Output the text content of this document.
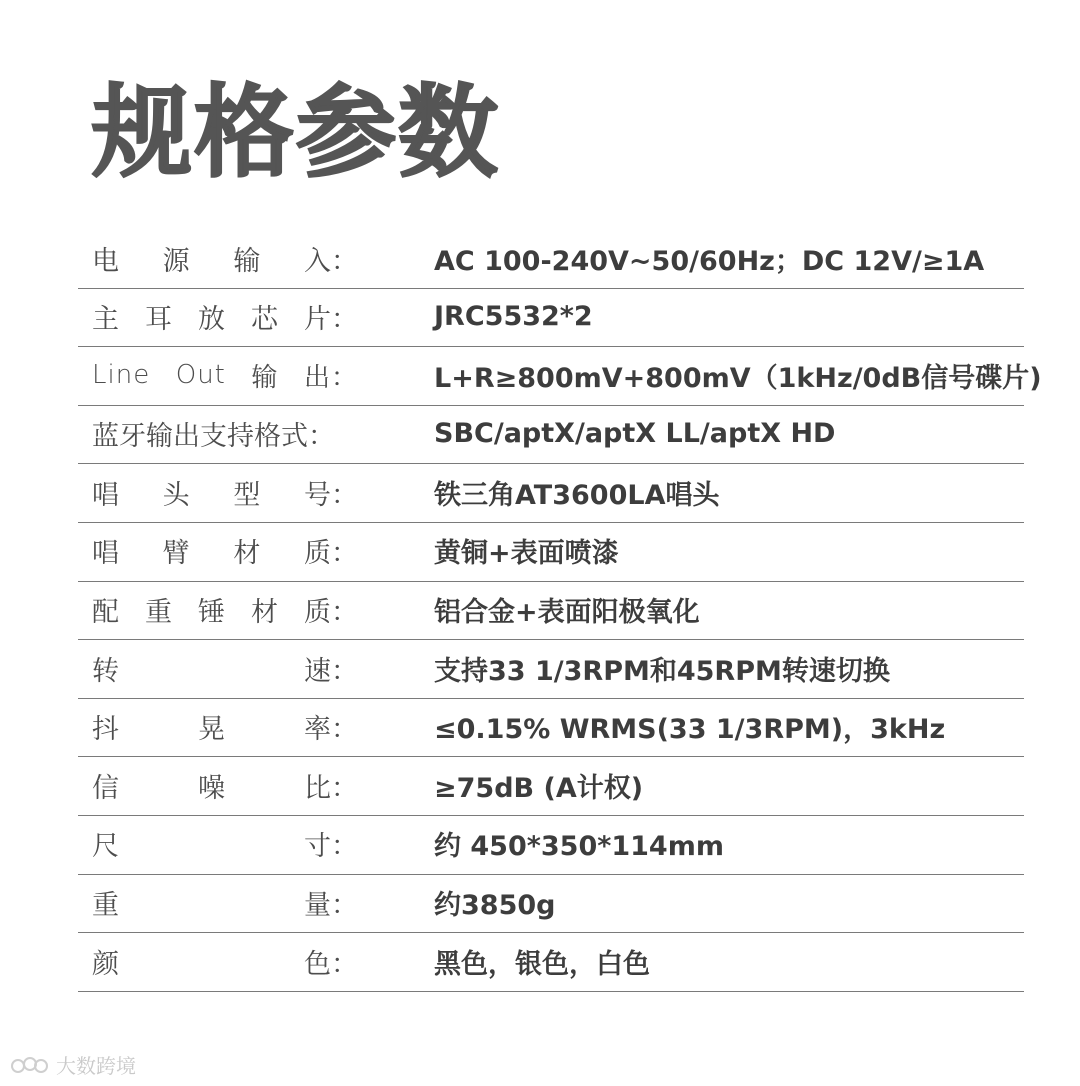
规格参数
电 源 输 入：	AC 100-240V~50/60Hz；DC 12V/≥1A
主 耳 放 芯 片：	JRC5532*2
Line Out 输 出：	L+R≥800mV+800mV（1kHz/0dB信号碟片)
蓝牙输出支持格式：	SBC/aptX/aptX LL/aptX HD
唱 头 型 号：	铁三角AT3600LA唱头
唱 臂 材 质：	黄铜+表面喷漆
配 重 锤 材 质：	铝合金+表面阳极氧化
转	速：	支持33 1/3RPM和45RPM转速切换
抖	晃	率：	≤0.15% WRMS(33 1/3RPM)，3kHz
信	噪	比：	≥75dB (A计权)
尺	寸：	约 450*350*114mm
重	量：	约3850g
颜	色：	黑色，银色，白色
大数跨境
